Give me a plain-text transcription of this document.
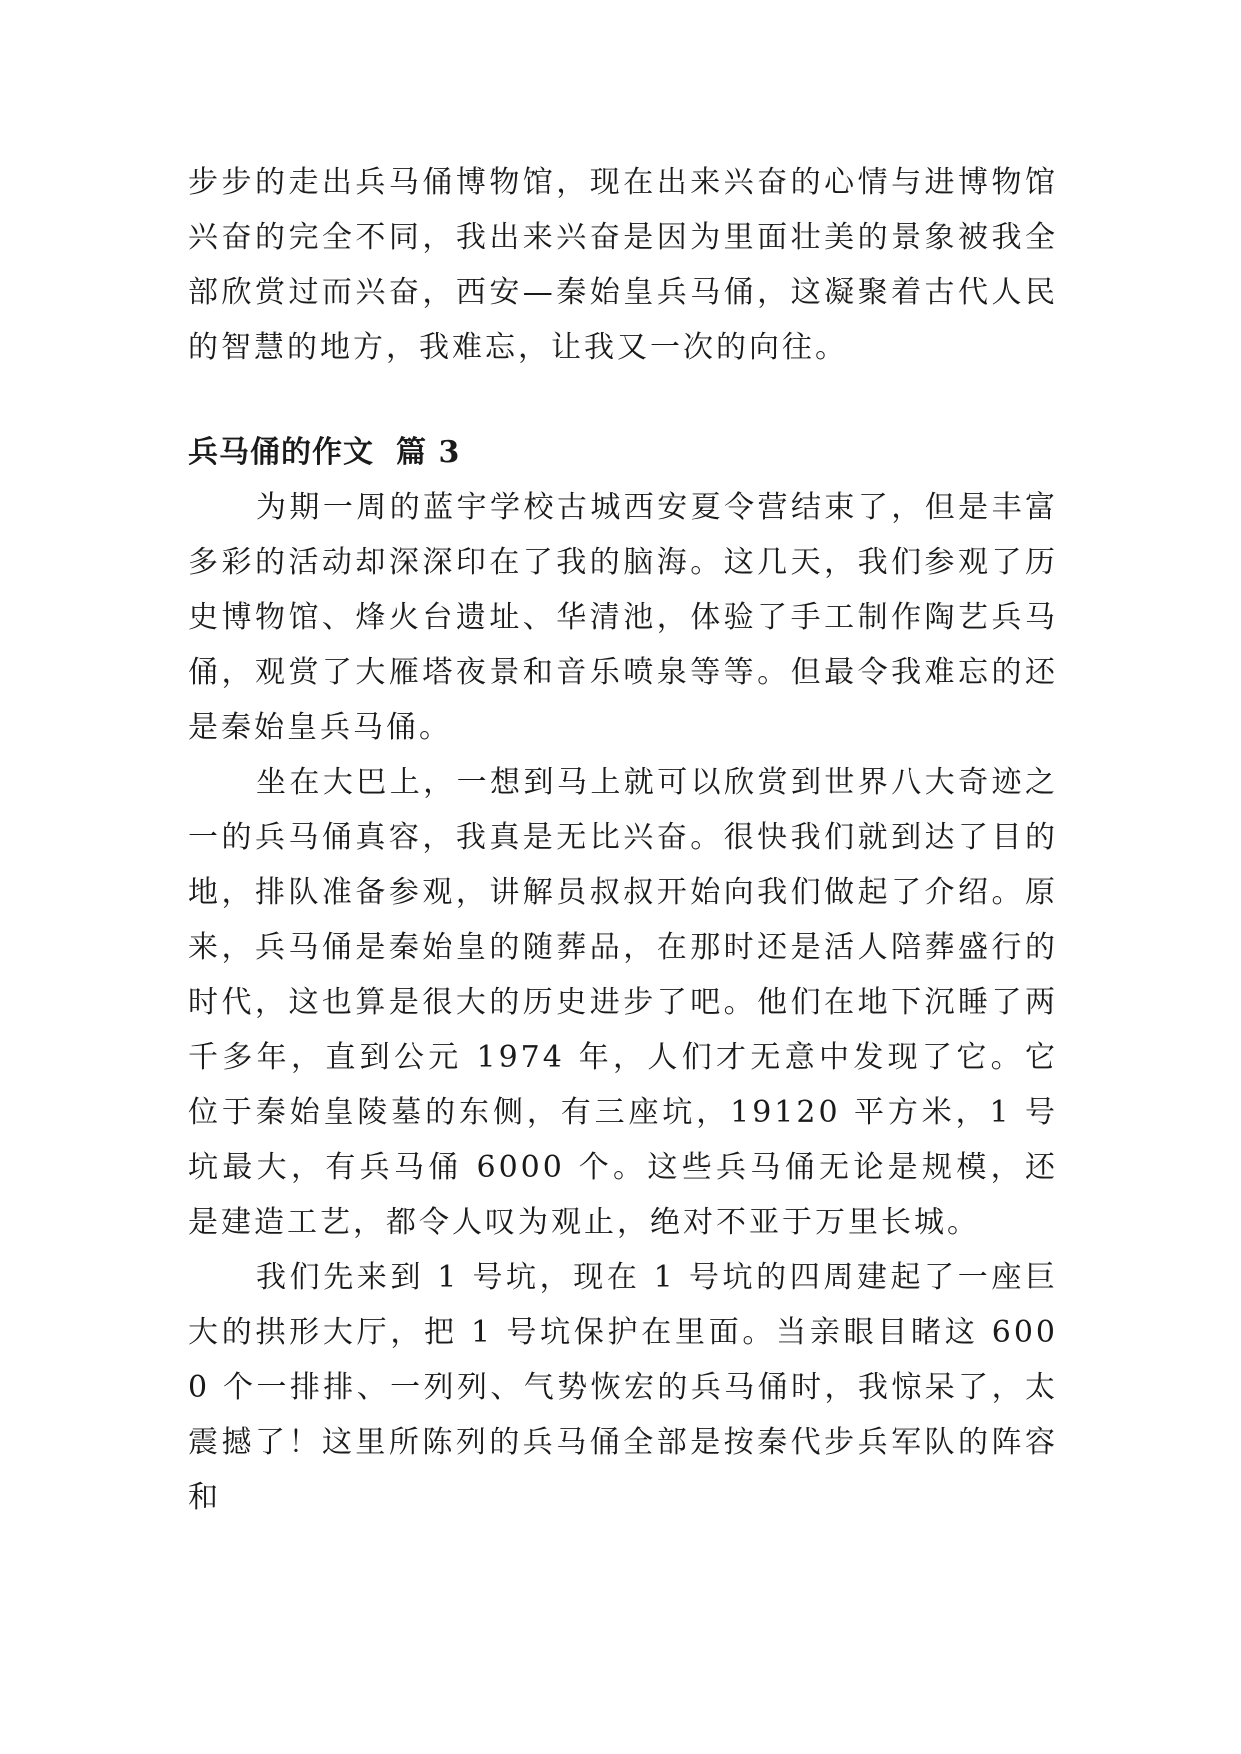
步步的走出兵马俑博物馆，现在出来兴奋的心情与进博物馆兴奋的完全不同，我出来兴奋是因为里面壮美的景象被我全部欣赏过而兴奋，西安—秦始皇兵马俑，这凝聚着古代人民的智慧的地方，我难忘，让我又一次的向往。

兵马俑的作文 篇 3

为期一周的蓝宇学校古城西安夏令营结束了，但是丰富多彩的活动却深深印在了我的脑海。这几天，我们参观了历史博物馆、烽火台遗址、华清池，体验了手工制作陶艺兵马俑，观赏了大雁塔夜景和音乐喷泉等等。但最令我难忘的还是秦始皇兵马俑。

坐在大巴上，一想到马上就可以欣赏到世界八大奇迹之一的兵马俑真容，我真是无比兴奋。很快我们就到达了目的地，排队准备参观，讲解员叔叔开始向我们做起了介绍。原来，兵马俑是秦始皇的随葬品，在那时还是活人陪葬盛行的时代，这也算是很大的历史进步了吧。他们在地下沉睡了两千多年，直到公元 1974 年，人们才无意中发现了它。它位于秦始皇陵墓的东侧，有三座坑，19120 平方米，1 号坑最大，有兵马俑 6000 个。这些兵马俑无论是规模，还是建造工艺，都令人叹为观止，绝对不亚于万里长城。

我们先来到 1 号坑，现在 1 号坑的四周建起了一座巨大的拱形大厅，把 1 号坑保护在里面。当亲眼目睹这 6000 个一排排、一列列、气势恢宏的兵马俑时，我惊呆了，太震撼了！这里所陈列的兵马俑全部是按秦代步兵军队的阵容和
